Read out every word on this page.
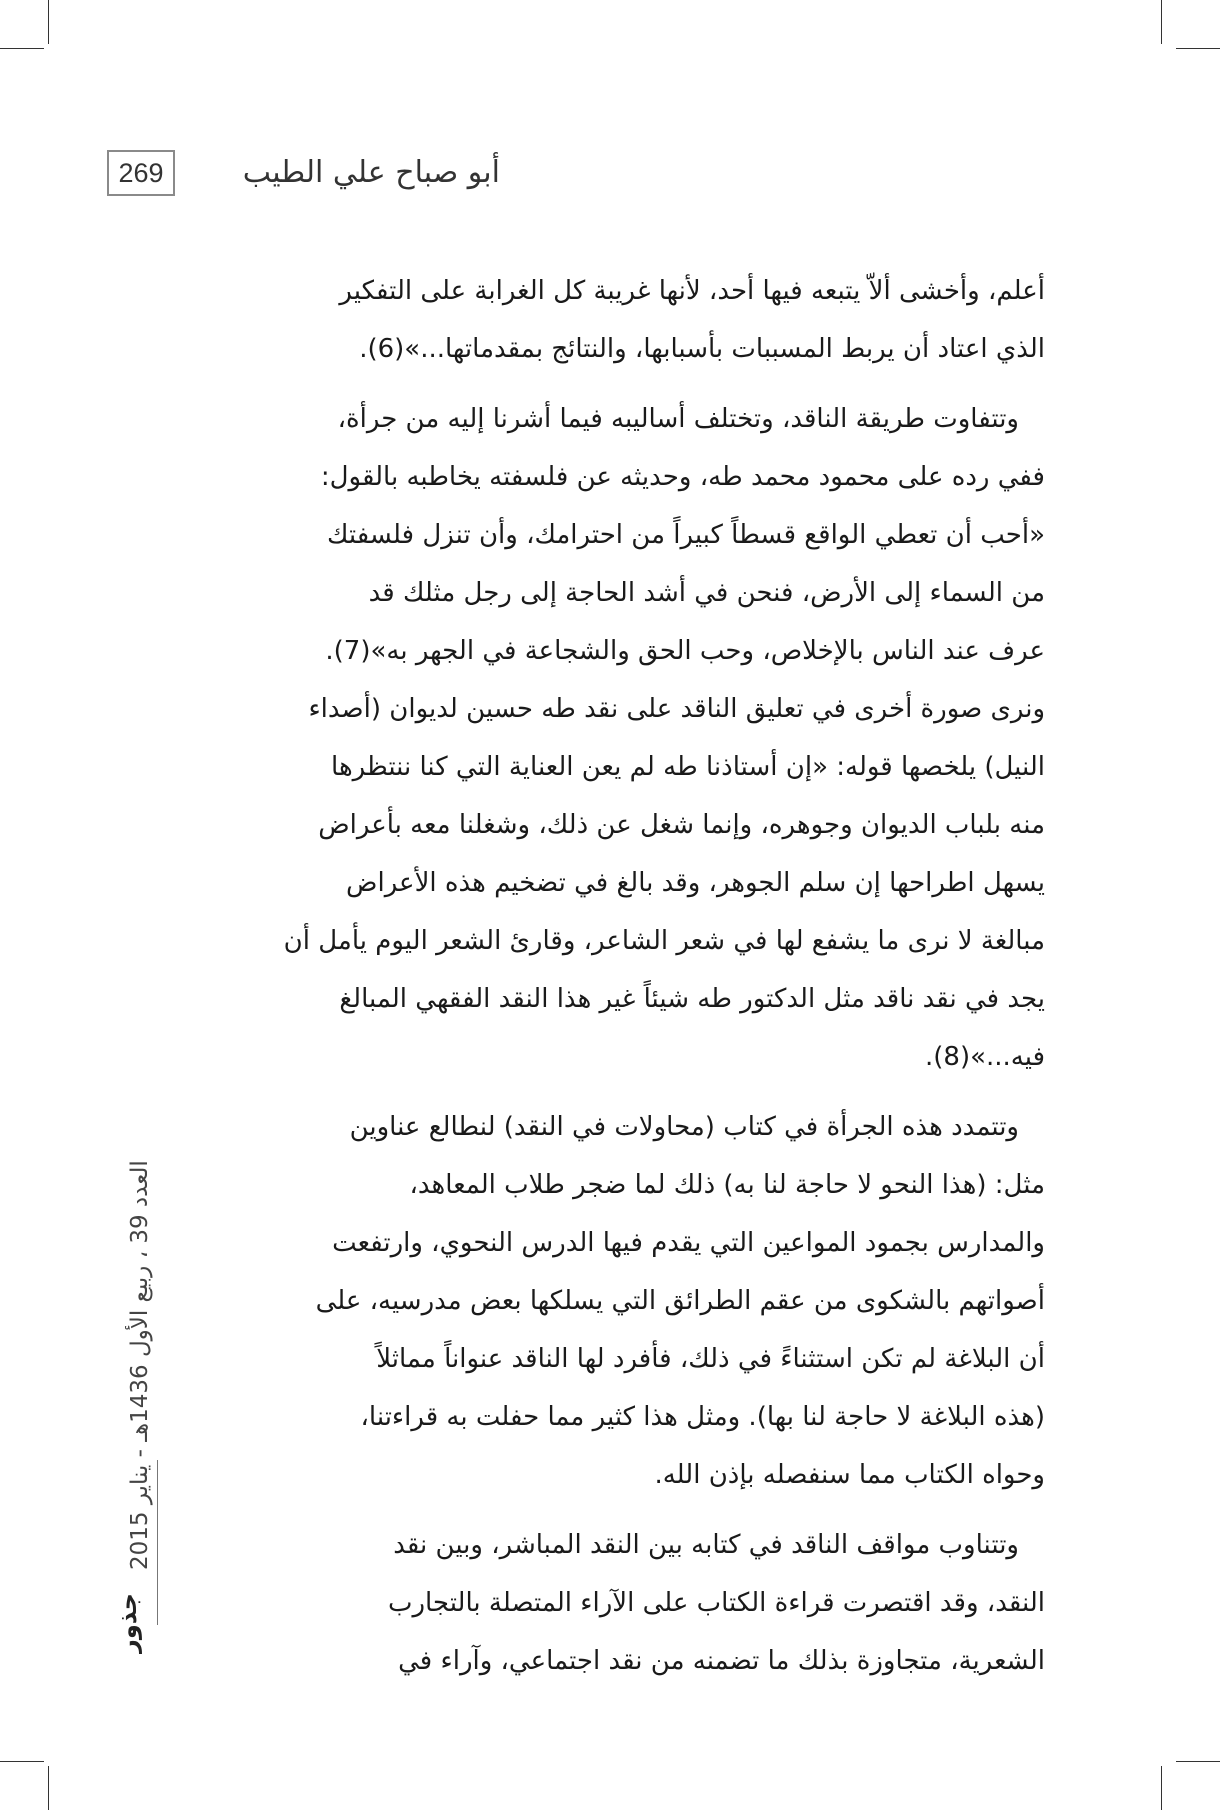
269	أبو صباح علي الطيب
أعلم، وأخشى ألاّ يتبعه فيها أحد، لأنها غريبة كل الغرابة على التفكير
الذي اعتاد أن يربط المسببات بأسبابها، والنتائج بمقدماتها...»(6).
وتتفاوت طريقة الناقد، وتختلف أساليبه فيما أشرنا إليه من جرأة،
ففي رده على محمود محمد طه، وحديثه عن فلسفته يخاطبه بالقول:
«أحب أن تعطي الواقع قسطاً كبيراً من احترامك، وأن تنزل فلسفتك
من السماء إلى الأرض، فنحن في أشد الحاجة إلى رجل مثلك قد
عرف عند الناس بالإخلاص، وحب الحق والشجاعة في الجهر به»(7).
ونرى صورة أخرى في تعليق الناقد على نقد طه حسين لديوان (أصداء
النيل) يلخصها قوله: «إن أستاذنا طه لم يعن العناية التي كنا ننتظرها
منه بلباب الديوان وجوهره، وإنما شغل عن ذلك، وشغلنا معه بأعراض
يسهل اطراحها إن سلم الجوهر، وقد بالغ في تضخيم هذه الأعراض
مبالغة لا نرى ما يشفع لها في شعر الشاعر، وقارئ الشعر اليوم يأمل أن
يجد في نقد ناقد مثل الدكتور طه شيئاً غير هذا النقد الفقهي المبالغ
فيه...»(8).
وتتمدد هذه الجرأة في كتاب (محاولات في النقد) لنطالع عناوين
مثل: (هذا النحو لا حاجة لنا به) ذلك لما ضجر طلاب المعاهد،
والمدارس بجمود المواعين التي يقدم فيها الدرس النحوي، وارتفعت
أصواتهم بالشكوى من عقم الطرائق التي يسلكها بعض مدرسيه، على
أن البلاغة لم تكن استثناءً في ذلك، فأفرد لها الناقد عنواناً مماثلاً
(هذه البلاغة لا حاجة لنا بها). ومثل هذا كثير مما حفلت به قراءتنا،
وحواه الكتاب مما سنفصله بإذن الله.
وتتناوب مواقف الناقد في كتابه بين النقد المباشر، وبين نقد
النقد، وقد اقتصرت قراءة الكتاب على الآراء المتصلة بالتجارب
الشعرية، متجاوزة بذلك ما تضمنه من نقد اجتماعي، وآراء في
العدد 39 ، ربيع الأول 1436هـ - يناير 2015
جذور
